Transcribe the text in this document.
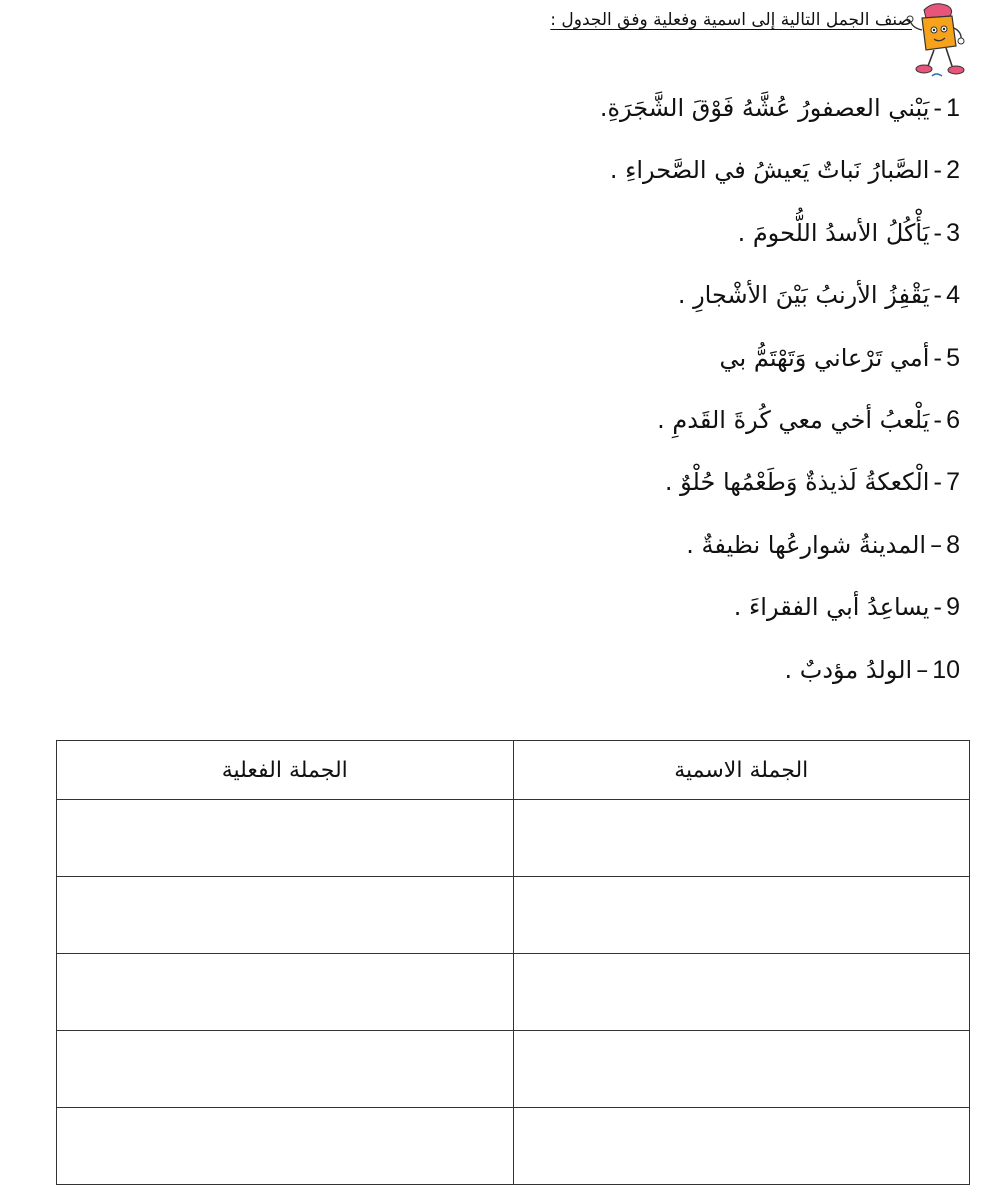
صنف الجمل التالية إلى اسمية وفعلية وفق الجدول :
1-يَبْني العصفورُ عُشَّهُ فَوْقَ الشَّجَرَةِ.
2-الصَّبارُ نَباتٌ يَعيشُ في الصَّحراءِ .
3-يَأْكُلُ الأسدُ اللُّحومَ .
4-يَقْفِزُ الأرنبُ بَيْنَ الأشْجارِ .
5-أمي تَرْعاني وَتَهْتَمُّ بي
6-يَلْعبُ أخي معي كُرةَ القَدمِ .
7-الْكعكةُ لَذيذةٌ وَطَعْمُها حُلْوٌ .
8–المدينةُ شوارعُها نظيفةٌ .
9-يساعِدُ أبي الفقراءَ .
10–الولدُ مؤدبٌ .
الجملة الاسمية	الجملة الفعلية
